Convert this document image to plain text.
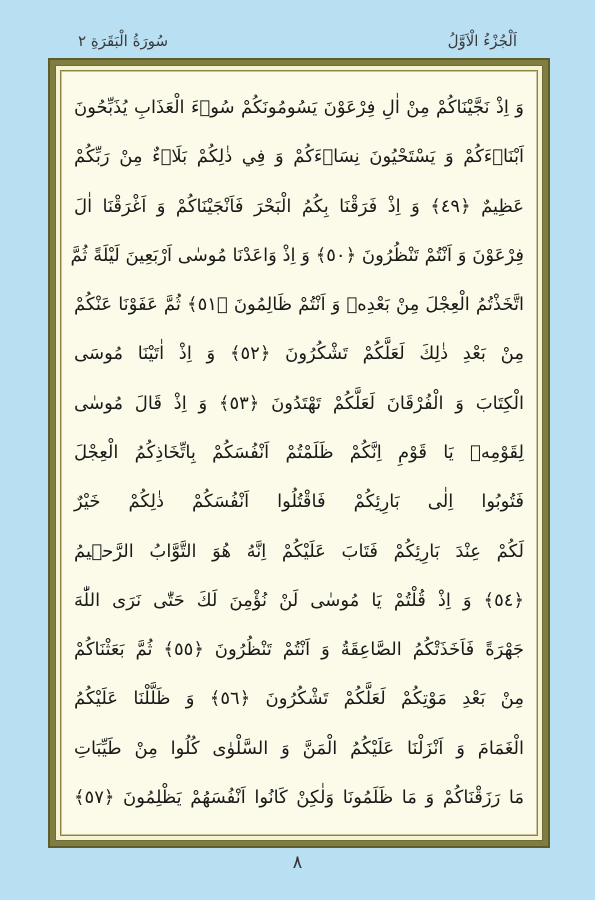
سُورَةُ الْبَقَرَةِ ٢	اَلْجُزْءُ الْاَوَّلُ
وَ اِذْ نَجَّيْنَاكُمْ مِنْ اٰلِ فِرْعَوْنَ يَسُومُونَكُمْ سُوۤءَ الْعَذَابِ يُذَبِّحُونَ
اَبْنَاۤءَكُمْ وَ يَسْتَحْيُونَ نِسَاۤءَكُمْ وَ فِي ذٰلِكُمْ بَلَاۤءٌ مِنْ رَبِّكُمْ
عَظِيمٌ ﴿٤٩﴾ وَ اِذْ فَرَقْنَا بِكُمُ الْبَحْرَ فَاَنْجَيْنَاكُمْ وَ اَغْرَقْنَا اٰلَ
فِرْعَوْنَ وَ اَنْتُمْ تَنْظُرُونَ ﴿٥٠﴾ وَ اِذْ وَاعَدْنَا مُوسٰى اَرْبَعِينَ لَيْلَةً ثُمَّ
اتَّخَذْتُمُ الْعِجْلَ مِنْ بَعْدِه۪ وَ اَنْتُمْ ظَالِمُونَ ﴿٥١﴾ ثُمَّ عَفَوْنَا عَنْكُمْ
مِنْ بَعْدِ ذٰلِكَ لَعَلَّكُمْ تَشْكُرُونَ ﴿٥٢﴾ وَ اِذْ اٰتَيْنَا مُوسَى
الْكِتَابَ وَ الْفُرْقَانَ لَعَلَّكُمْ تَهْتَدُونَ ﴿٥٣﴾ وَ اِذْ قَالَ مُوسٰى
لِقَوْمِه۪ يَا قَوْمِ اِنَّكُمْ ظَلَمْتُمْ اَنْفُسَكُمْ بِاتِّخَاذِكُمُ الْعِجْلَ
فَتُوبُوا اِلٰى بَارِئِكُمْ فَاقْتُلُوا اَنْفُسَكُمْ ذٰلِكُمْ خَيْرٌ
لَكُمْ عِنْدَ بَارِئِكُمْ فَتَابَ عَلَيْكُمْ اِنَّهُ هُوَ التَّوَّابُ الرَّح۪يمُ
﴿٥٤﴾ وَ اِذْ قُلْتُمْ يَا مُوسٰى لَنْ نُؤْمِنَ لَكَ حَتّٰى نَرَى اللّٰهَ
جَهْرَةً فَاَخَذَتْكُمُ الصَّاعِقَةُ وَ اَنْتُمْ تَنْظُرُونَ ﴿٥٥﴾ ثُمَّ بَعَثْنَاكُمْ
مِنْ بَعْدِ مَوْتِكُمْ لَعَلَّكُمْ تَشْكُرُونَ ﴿٥٦﴾ وَ ظَلَّلْنَا عَلَيْكُمُ
الْغَمَامَ وَ اَنْزَلْنَا عَلَيْكُمُ الْمَنَّ وَ السَّلْوٰى كُلُوا مِنْ طَيِّبَاتِ
مَا رَزَقْنَاكُمْ وَ مَا ظَلَمُونَا وَلٰكِنْ كَانُوا اَنْفُسَهُمْ يَظْلِمُونَ ﴿٥٧﴾
٨
